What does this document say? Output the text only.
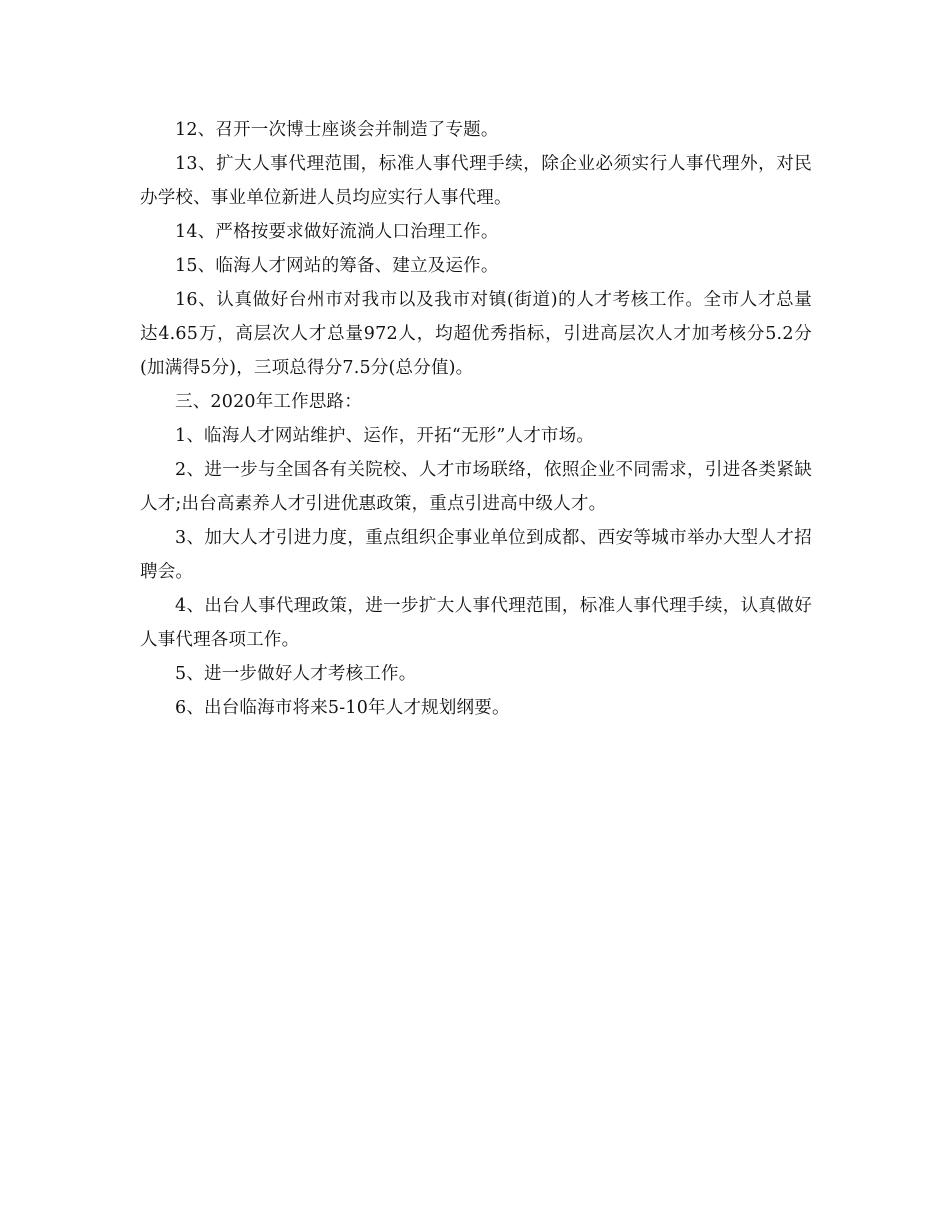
12、召开一次博士座谈会并制造了专题。

13、扩大人事代理范围，标准人事代理手续，除企业必须实行人事代理外，对民办学校、事业单位新进人员均应实行人事代理。

14、严格按要求做好流淌人口治理工作。

15、临海人才网站的筹备、建立及运作。

16、认真做好台州市对我市以及我市对镇(街道)的人才考核工作。全市人才总量达4.65万，高层次人才总量972人，均超优秀指标，引进高层次人才加考核分5.2分(加满得5分)，三项总得分7.5分(总分值)。

三、2020年工作思路：

1、临海人才网站维护、运作，开拓“无形”人才市场。

2、进一步与全国各有关院校、人才市场联络，依照企业不同需求，引进各类紧缺人才;出台高素养人才引进优惠政策，重点引进高中级人才。

3、加大人才引进力度，重点组织企事业单位到成都、西安等城市举办大型人才招聘会。

4、出台人事代理政策，进一步扩大人事代理范围，标准人事代理手续，认真做好人事代理各项工作。

5、进一步做好人才考核工作。

6、出台临海市将来5-10年人才规划纲要。
